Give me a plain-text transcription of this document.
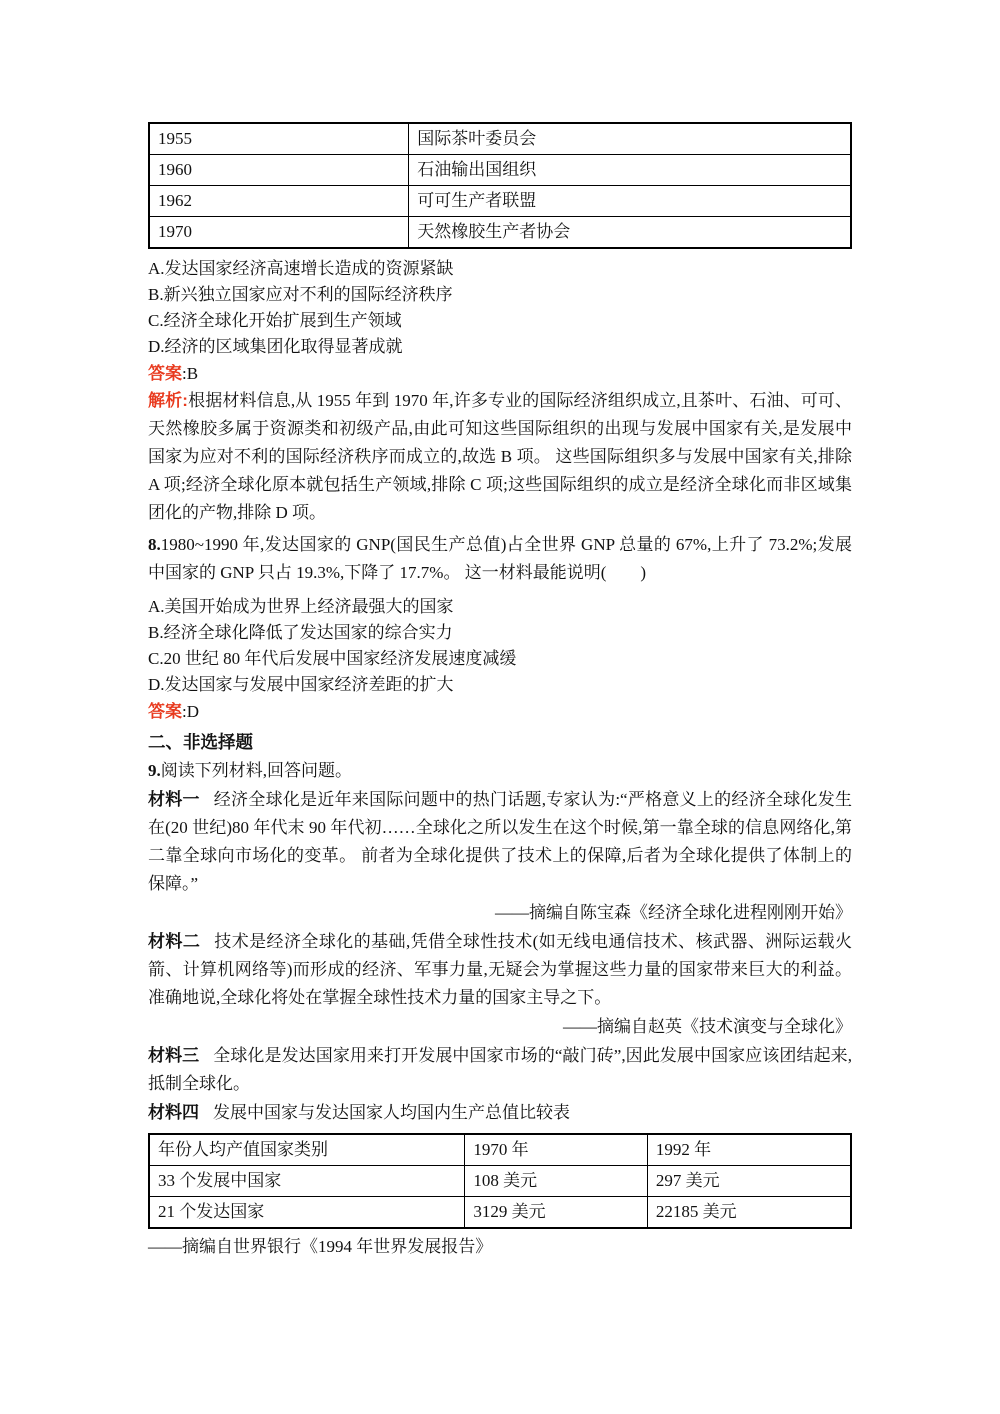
1955	国际茶叶委员会
1960	石油输出国组织
1962	可可生产者联盟
1970	天然橡胶生产者协会
A.发达国家经济高速增长造成的资源紧缺
B.新兴独立国家应对不利的国际经济秩序
C.经济全球化开始扩展到生产领域
D.经济的区域集团化取得显著成就
答案:B
解析:根据材料信息,从 1955 年到 1970 年,许多专业的国际经济组织成立,且茶叶、石油、可可、天然橡胶多属于资源类和初级产品,由此可知这些国际组织的出现与发展中国家有关,是发展中国家为应对不利的国际经济秩序而成立的,故选 B 项。 这些国际组织多与发展中国家有关,排除 A 项;经济全球化原本就包括生产领域,排除 C 项;这些国际组织的成立是经济全球化而非区域集团化的产物,排除 D 项。
8.1980~1990 年,发达国家的 GNP(国民生产总值)占全世界 GNP 总量的 67%,上升了 73.2%;发展中国家的 GNP 只占 19.3%,下降了 17.7%。 这一材料最能说明(　　)
A.美国开始成为世界上经济最强大的国家
B.经济全球化降低了发达国家的综合实力
C.20 世纪 80 年代后发展中国家经济发展速度减缓
D.发达国家与发展中国家经济差距的扩大
答案:D
二、非选择题
9.阅读下列材料,回答问题。
材料一 经济全球化是近年来国际问题中的热门话题,专家认为:“严格意义上的经济全球化发生在(20 世纪)80 年代末 90 年代初……全球化之所以发生在这个时候,第一靠全球的信息网络化,第二靠全球向市场化的变革。 前者为全球化提供了技术上的保障,后者为全球化提供了体制上的保障。”
——摘编自陈宝森《经济全球化进程刚刚开始》
材料二 技术是经济全球化的基础,凭借全球性技术(如无线电通信技术、核武器、洲际运载火箭、计算机网络等)而形成的经济、军事力量,无疑会为掌握这些力量的国家带来巨大的利益。 准确地说,全球化将处在掌握全球性技术力量的国家主导之下。
——摘编自赵英《技术演变与全球化》
材料三 全球化是发达国家用来打开发展中国家市场的“敲门砖”,因此发展中国家应该团结起来,抵制全球化。
材料四 发展中国家与发达国家人均国内生产总值比较表
年份人均产值国家类别	1970 年	1992 年
33 个发展中国家	108 美元	297 美元
21 个发达国家	3129 美元	22185 美元
——摘编自世界银行《1994 年世界发展报告》
